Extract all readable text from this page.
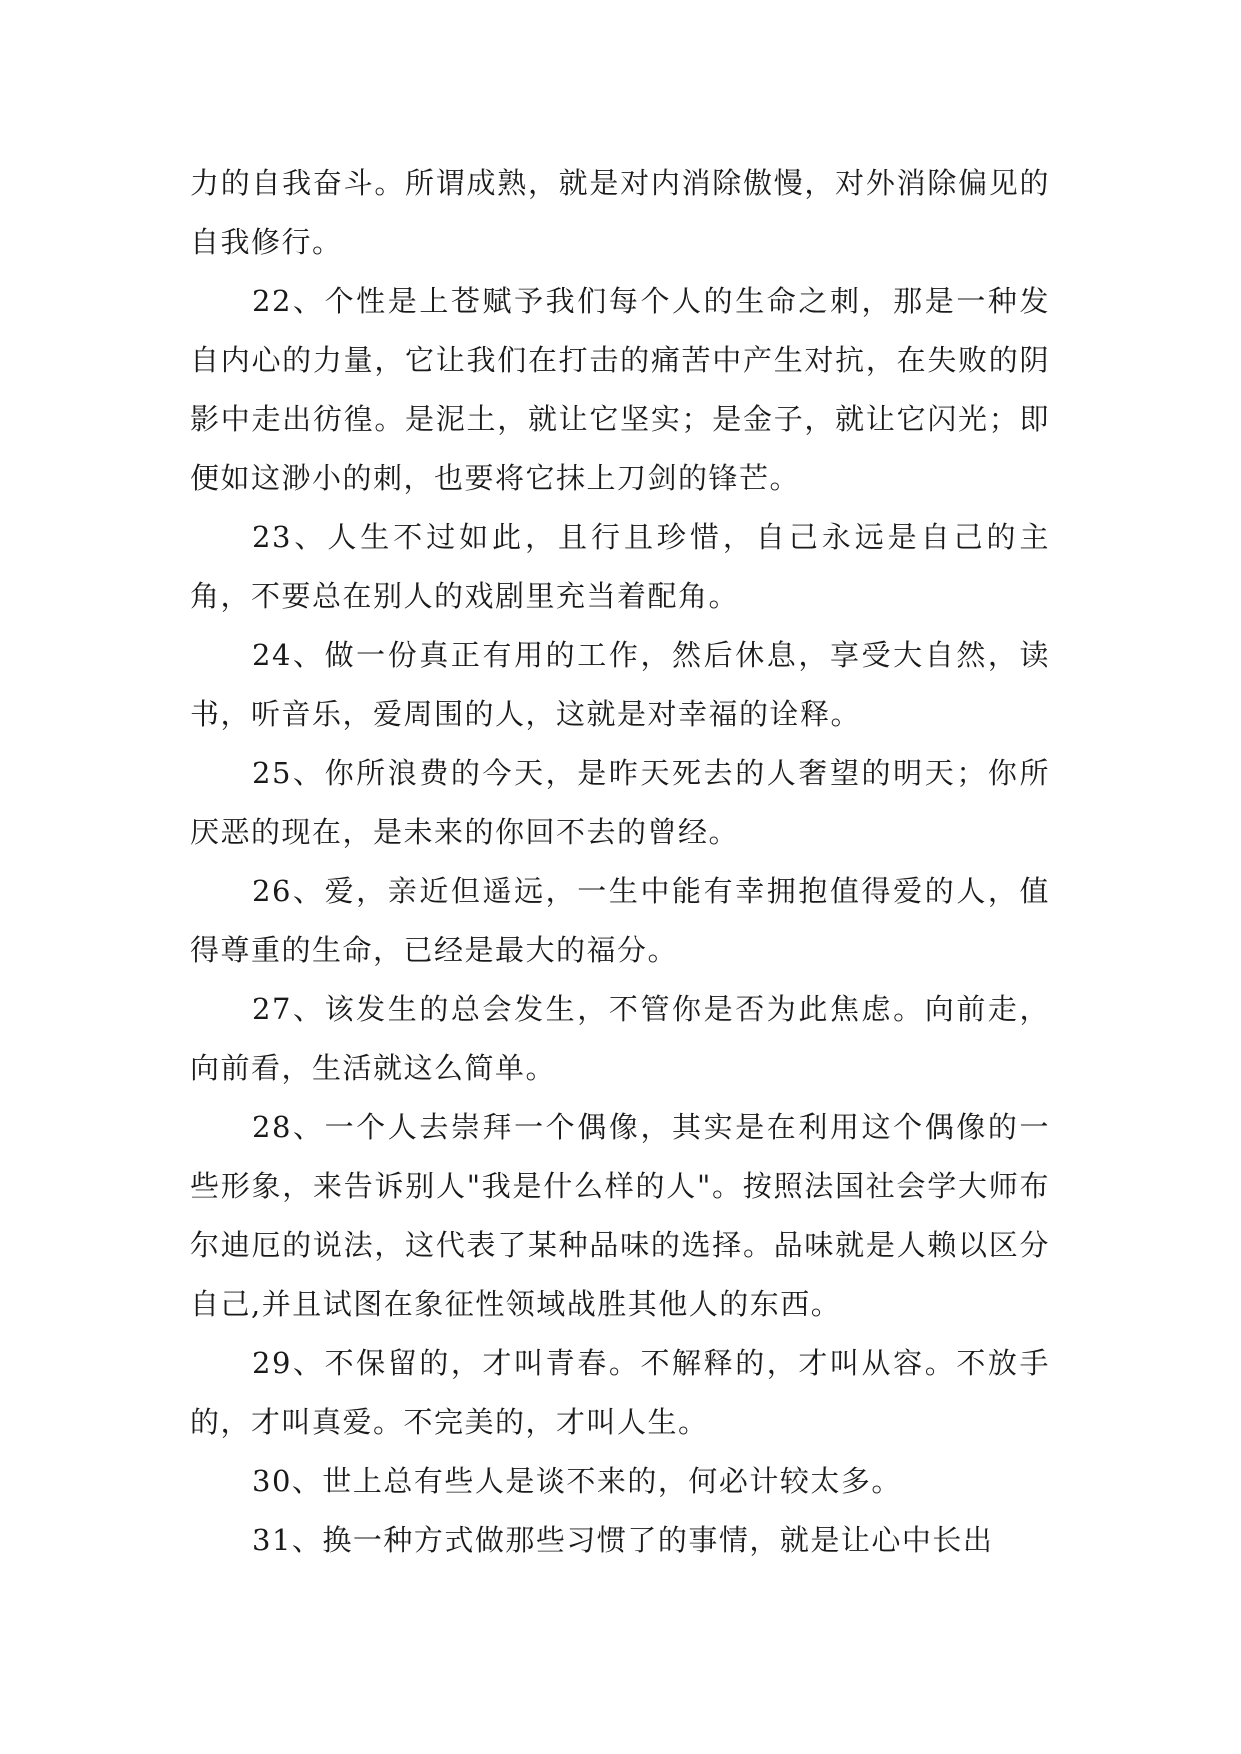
力的自我奋斗。所谓成熟，就是对内消除傲慢，对外消除偏见的自我修行。

22、个性是上苍赋予我们每个人的生命之刺，那是一种发自内心的力量，它让我们在打击的痛苦中产生对抗，在失败的阴影中走出彷徨。是泥土，就让它坚实；是金子，就让它闪光；即便如这渺小的刺，也要将它抹上刀剑的锋芒。

23、人生不过如此，且行且珍惜，自己永远是自己的主角，不要总在别人的戏剧里充当着配角。

24、做一份真正有用的工作，然后休息，享受大自然，读书，听音乐，爱周围的人，这就是对幸福的诠释。

25、你所浪费的今天，是昨天死去的人奢望的明天；你所厌恶的现在，是未来的你回不去的曾经。

26、爱，亲近但遥远，一生中能有幸拥抱值得爱的人，值得尊重的生命，已经是最大的福分。

27、该发生的总会发生，不管你是否为此焦虑。向前走，向前看，生活就这么简单。

28、一个人去崇拜一个偶像，其实是在利用这个偶像的一些形象，来告诉别人"我是什么样的人"。按照法国社会学大师布尔迪厄的说法，这代表了某种品味的选择。品味就是人赖以区分自己,并且试图在象征性领域战胜其他人的东西。

29、不保留的，才叫青春。不解释的，才叫从容。不放手的，才叫真爱。不完美的，才叫人生。

30、世上总有些人是谈不来的，何必计较太多。

31、换一种方式做那些习惯了的事情，就是让心中长出
